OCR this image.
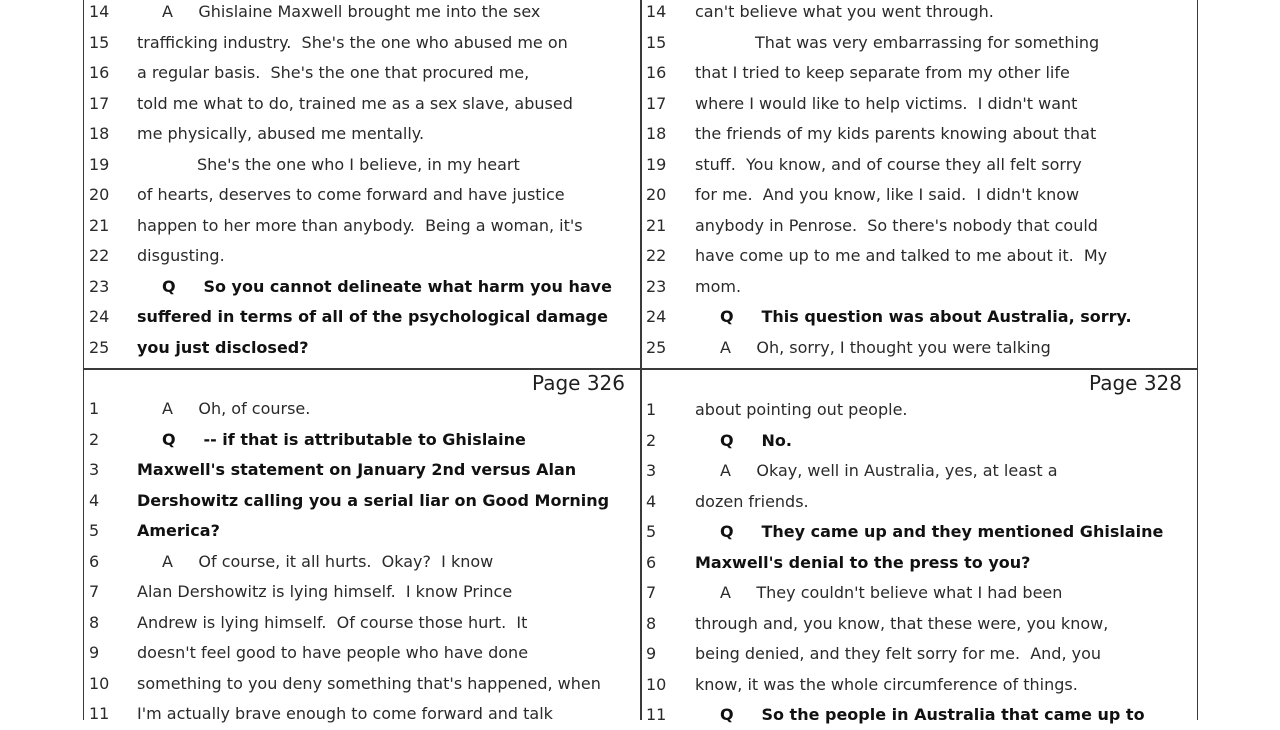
Page 326	Page 328
14	A     Ghislaine Maxwell brought me into the sex
15	trafficking industry.  She's the one who abused me on
16	a regular basis.  She's the one that procured me,
17	told me what to do, trained me as a sex slave, abused
18	me physically, abused me mentally.
19	She's the one who I believe, in my heart
20	of hearts, deserves to come forward and have justice
21	happen to her more than anybody.  Being a woman, it's
22	disgusting.
23	Q     So you cannot delineate what harm you have
24	suffered in terms of all of the psychological damage
25	you just disclosed?
14	can't believe what you went through.
15	That was very embarrassing for something
16	that I tried to keep separate from my other life
17	where I would like to help victims.  I didn't want
18	the friends of my kids parents knowing about that
19	stuff.  You know, and of course they all felt sorry
20	for me.  And you know, like I said.  I didn't know
21	anybody in Penrose.  So there's nobody that could
22	have come up to me and talked to me about it.  My
23	mom.
24	Q     This question was about Australia, sorry.
25	A     Oh, sorry, I thought you were talking
1	A     Oh, of course.
2	Q     -- if that is attributable to Ghislaine
3	Maxwell's statement on January 2nd versus Alan
4	Dershowitz calling you a serial liar on Good Morning
5	America?
6	A     Of course, it all hurts.  Okay?  I know
7	Alan Dershowitz is lying himself.  I know Prince
8	Andrew is lying himself.  Of course those hurt.  It
9	doesn't feel good to have people who have done
10	something to you deny something that's happened, when
11	I'm actually brave enough to come forward and talk
1	about pointing out people.
2	Q     No.
3	A     Okay, well in Australia, yes, at least a
4	dozen friends.
5	Q     They came up and they mentioned Ghislaine
6	Maxwell's denial to the press to you?
7	A     They couldn't believe what I had been
8	through and, you know, that these were, you know,
9	being denied, and they felt sorry for me.  And, you
10	know, it was the whole circumference of things.
11	Q     So the people in Australia that came up to
